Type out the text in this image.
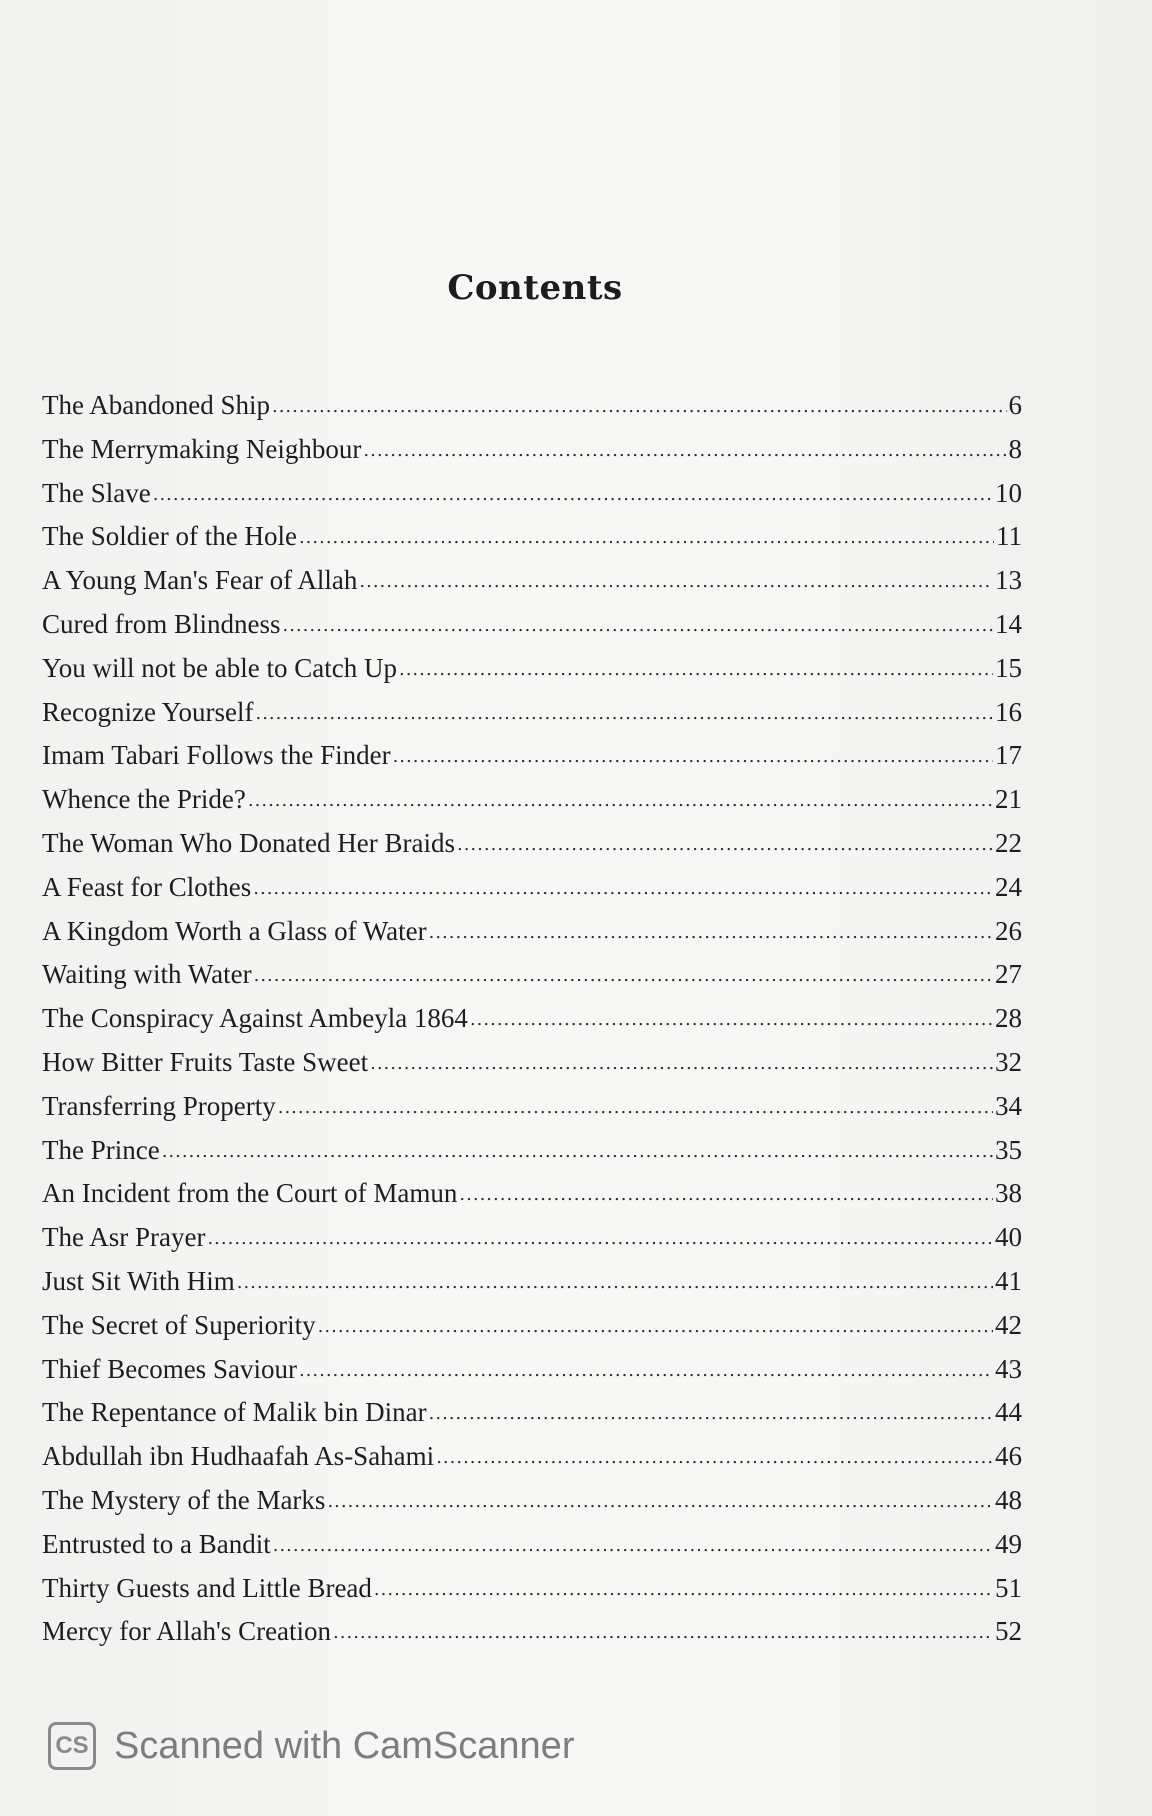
Contents
The Abandoned Ship .....	6
The Merrymaking Neighbour .....	8
The Slave .....	10
The Soldier of the Hole .....	11
A Young Man's Fear of Allah .....	13
Cured from Blindness .....	14
You will not be able to Catch Up .....	15
Recognize Yourself .....	16
Imam Tabari Follows the Finder .....	17
Whence the Pride? .....	21
The Woman Who Donated Her Braids .....	22
A Feast for Clothes .....	24
A Kingdom Worth a Glass of Water .....	26
Waiting with Water .....	27
The Conspiracy Against Ambeyla 1864 .....	28
How Bitter Fruits Taste Sweet .....	32
Transferring Property .....	34
The Prince .....	35
An Incident from the Court of Mamun .....	38
The Asr Prayer .....	40
Just Sit With Him .....	41
The Secret of Superiority .....	42
Thief Becomes Saviour .....	43
The Repentance of Malik bin Dinar .....	44
Abdullah ibn Hudhaafah As-Sahami .....	46
The Mystery of the Marks .....	48
Entrusted to a Bandit .....	49
Thirty Guests and Little Bread .....	51
Mercy for Allah's Creation .....	52
CS Scanned with CamScanner
